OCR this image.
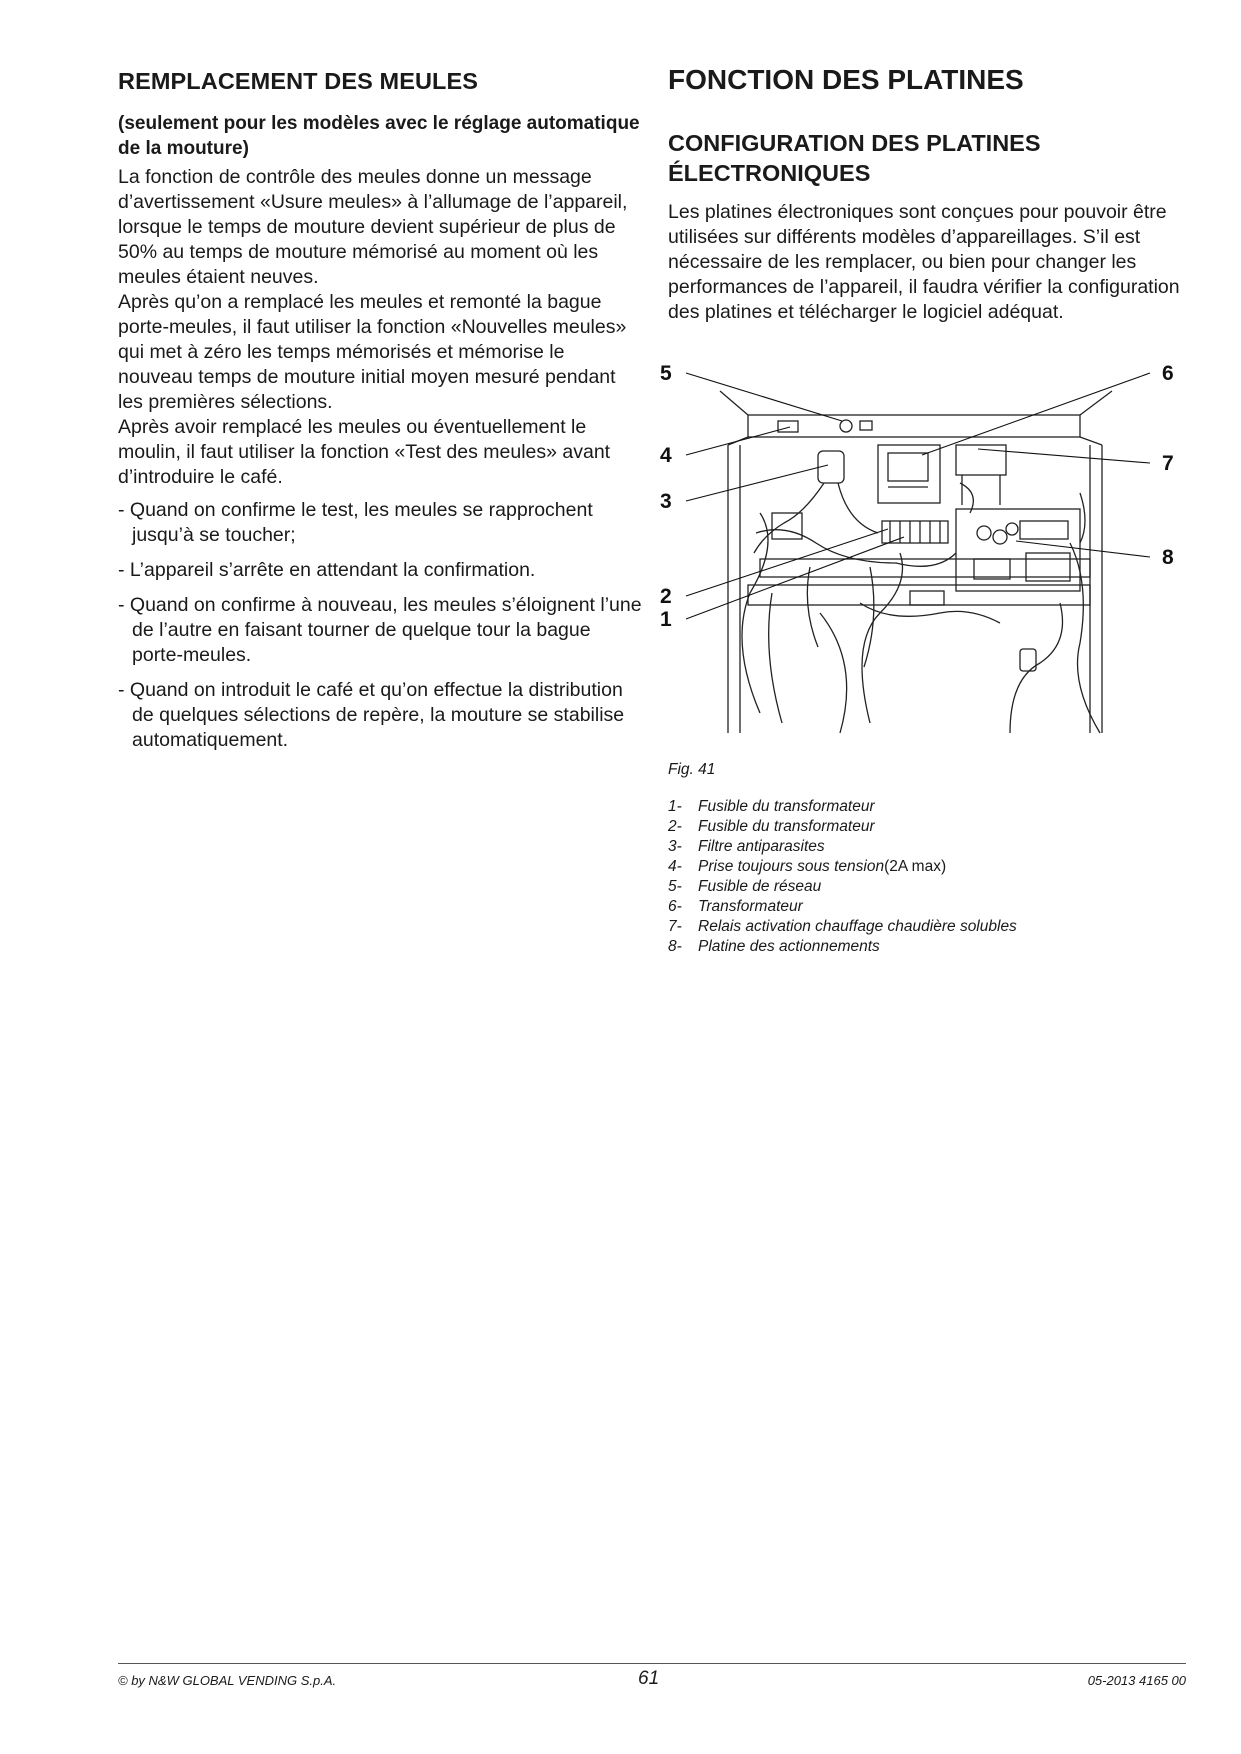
REMPLACEMENT DES MEULES

(seulement pour les modèles avec le réglage automatique de la mouture)

La fonction de contrôle des meules donne un message d’avertissement «Usure meules» à l’allumage de l’appareil, lorsque le temps de mouture devient supérieur de plus de 50% au temps de mouture mémorisé au moment où les meules étaient neuves.

Après qu’on a remplacé les meules et remonté la bague porte-meules, il faut utiliser la fonction «Nouvelles meules» qui met à zéro les temps mémorisés et mémorise le nouveau temps de mouture initial moyen mesuré pendant les premières sélections.

Après avoir remplacé les meules ou éventuellement le moulin, il faut utiliser la fonction «Test des meules» avant d’introduire le café.

- Quand on confirme le test, les meules se rapprochent jusqu’à se toucher;
- L’appareil s’arrête en attendant la confirmation.
- Quand on confirme à nouveau, les meules s’éloignent l’une de l’autre en faisant tourner de quelque tour la bague porte-meules.
- Quand on introduit le café et qu’on effectue la distribution de quelques sélections de repère, la mouture se stabilise automatiquement.
FONCTION DES PLATINES
CONFIGURATION DES PLATINES ÉLECTRONIQUES

Les platines électroniques sont conçues pour pouvoir être utilisées sur différents modèles d’appareillages. S’il est nécessaire de les remplacer, ou bien pour changer les performances de l’appareil, il faudra vérifier la configuration des platines et télécharger le logiciel adéquat.

5	6
4	7
3
8
2
1
Fig. 41
1-	Fusible du transformateur
2-	Fusible du transformateur
3-	Filtre antiparasites
4-	Prise toujours sous tension (2A max)
5-	Fusible de réseau
6-	Transformateur
7-	Relais activation chauffage chaudière solubles
8-	Platine des actionnements
© by N&W GLOBAL VENDING S.p.A.	61	05-2013 4165 00
